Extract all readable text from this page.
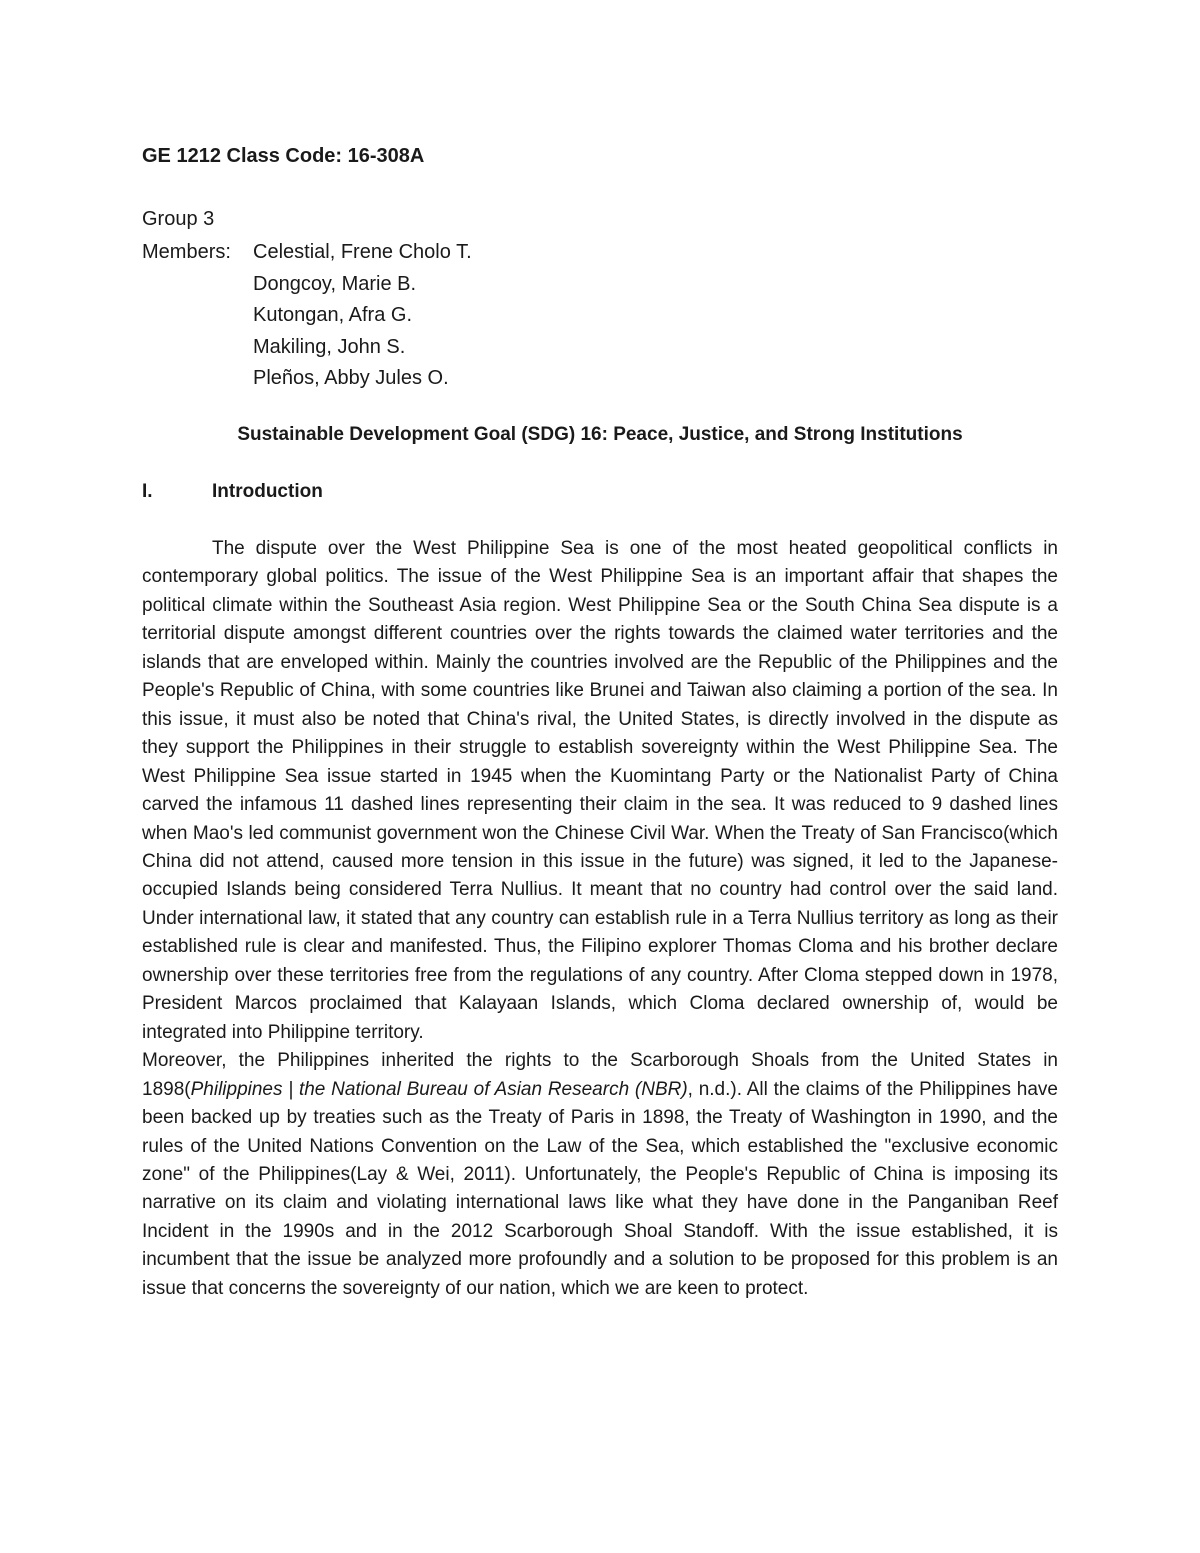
GE 1212 Class Code: 16-308A

Group 3

Members: Celestial, Frene Cholo T.
Dongcoy, Marie B.
Kutongan, Afra G.
Makiling, John S.
Pleños, Abby Jules O.
Sustainable Development Goal (SDG) 16: Peace, Justice, and Strong Institutions
I.	Introduction

The dispute over the West Philippine Sea is one of the most heated geopolitical conflicts in contemporary global politics. The issue of the West Philippine Sea is an important affair that shapes the political climate within the Southeast Asia region. West Philippine Sea or the South China Sea dispute is a territorial dispute amongst different countries over the rights towards the claimed water territories and the islands that are enveloped within. Mainly the countries involved are the Republic of the Philippines and the People's Republic of China, with some countries like Brunei and Taiwan also claiming a portion of the sea. In this issue, it must also be noted that China's rival, the United States, is directly involved in the dispute as they support the Philippines in their struggle to establish sovereignty within the West Philippine Sea. The West Philippine Sea issue started in 1945 when the Kuomintang Party or the Nationalist Party of China carved the infamous 11 dashed lines representing their claim in the sea. It was reduced to 9 dashed lines when Mao's led communist government won the Chinese Civil War. When the Treaty of San Francisco(which China did not attend, caused more tension in this issue in the future) was signed, it led to the Japanese-occupied Islands being considered Terra Nullius. It meant that no country had control over the said land. Under international law, it stated that any country can establish rule in a Terra Nullius territory as long as their established rule is clear and manifested. Thus, the Filipino explorer Thomas Cloma and his brother declare ownership over these territories free from the regulations of any country. After Cloma stepped down in 1978, President Marcos proclaimed that Kalayaan Islands, which Cloma declared ownership of, would be integrated into Philippine territory.

Moreover, the Philippines inherited the rights to the Scarborough Shoals from the United States in 1898(Philippines | the National Bureau of Asian Research (NBR), n.d.). All the claims of the Philippines have been backed up by treaties such as the Treaty of Paris in 1898, the Treaty of Washington in 1990, and the rules of the United Nations Convention on the Law of the Sea, which established the "exclusive economic zone" of the Philippines(Lay & Wei, 2011). Unfortunately, the People's Republic of China is imposing its narrative on its claim and violating international laws like what they have done in the Panganiban Reef Incident in the 1990s and in the 2012 Scarborough Shoal Standoff. With the issue established, it is incumbent that the issue be analyzed more profoundly and a solution to be proposed for this problem is an issue that concerns the sovereignty of our nation, which we are keen to protect.
